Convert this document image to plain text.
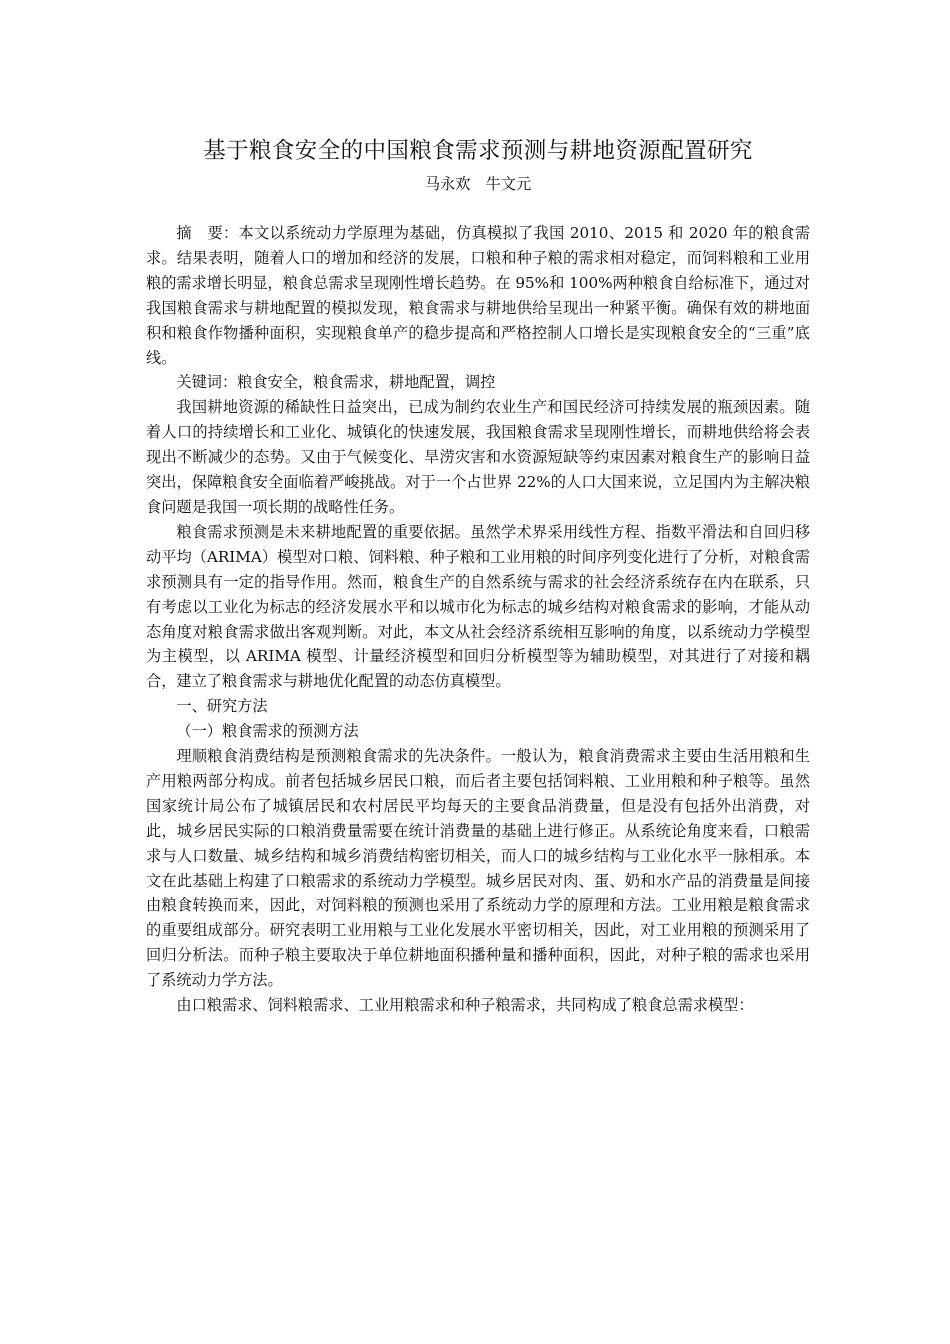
基于粮食安全的中国粮食需求预测与耕地资源配置研究
马永欢　牛文元

摘　要：本文以系统动力学原理为基础，仿真模拟了我国 2010、2015 和 2020 年的粮食需求。结果表明，随着人口的增加和经济的发展，口粮和种子粮的需求相对稳定，而饲料粮和工业用粮的需求增长明显，粮食总需求呈现刚性增长趋势。在 95%和 100%两种粮食自给标准下，通过对我国粮食需求与耕地配置的模拟发现，粮食需求与耕地供给呈现出一种紧平衡。确保有效的耕地面积和粮食作物播种面积，实现粮食单产的稳步提高和严格控制人口增长是实现粮食安全的“三重”底线。

关键词：粮食安全，粮食需求，耕地配置，调控

我国耕地资源的稀缺性日益突出，已成为制约农业生产和国民经济可持续发展的瓶颈因素。随着人口的持续增长和工业化、城镇化的快速发展，我国粮食需求呈现刚性增长，而耕地供给将会表现出不断减少的态势。又由于气候变化、旱涝灾害和水资源短缺等约束因素对粮食生产的影响日益突出，保障粮食安全面临着严峻挑战。对于一个占世界 22%的人口大国来说，立足国内为主解决粮食问题是我国一项长期的战略性任务。

粮食需求预测是未来耕地配置的重要依据。虽然学术界采用线性方程、指数平滑法和自回归移动平均（ARIMA）模型对口粮、饲料粮、种子粮和工业用粮的时间序列变化进行了分析，对粮食需求预测具有一定的指导作用。然而，粮食生产的自然系统与需求的社会经济系统存在内在联系，只有考虑以工业化为标志的经济发展水平和以城市化为标志的城乡结构对粮食需求的影响，才能从动态角度对粮食需求做出客观判断。对此，本文从社会经济系统相互影响的角度，以系统动力学模型为主模型，以 ARIMA 模型、计量经济模型和回归分析模型等为辅助模型，对其进行了对接和耦合，建立了粮食需求与耕地优化配置的动态仿真模型。

一、研究方法

（一）粮食需求的预测方法

理顺粮食消费结构是预测粮食需求的先决条件。一般认为，粮食消费需求主要由生活用粮和生产用粮两部分构成。前者包括城乡居民口粮，而后者主要包括饲料粮、工业用粮和种子粮等。虽然国家统计局公布了城镇居民和农村居民平均每天的主要食品消费量，但是没有包括外出消费，对此，城乡居民实际的口粮消费量需要在统计消费量的基础上进行修正。从系统论角度来看，口粮需求与人口数量、城乡结构和城乡消费结构密切相关，而人口的城乡结构与工业化水平一脉相承。本文在此基础上构建了口粮需求的系统动力学模型。城乡居民对肉、蛋、奶和水产品的消费量是间接由粮食转换而来，因此，对饲料粮的预测也采用了系统动力学的原理和方法。工业用粮是粮食需求的重要组成部分。研究表明工业用粮与工业化发展水平密切相关，因此，对工业用粮的预测采用了回归分析法。而种子粮主要取决于单位耕地面积播种量和播种面积，因此，对种子粮的需求也采用了系统动力学方法。

由口粮需求、饲料粮需求、工业用粮需求和种子粮需求，共同构成了粮食总需求模型：
